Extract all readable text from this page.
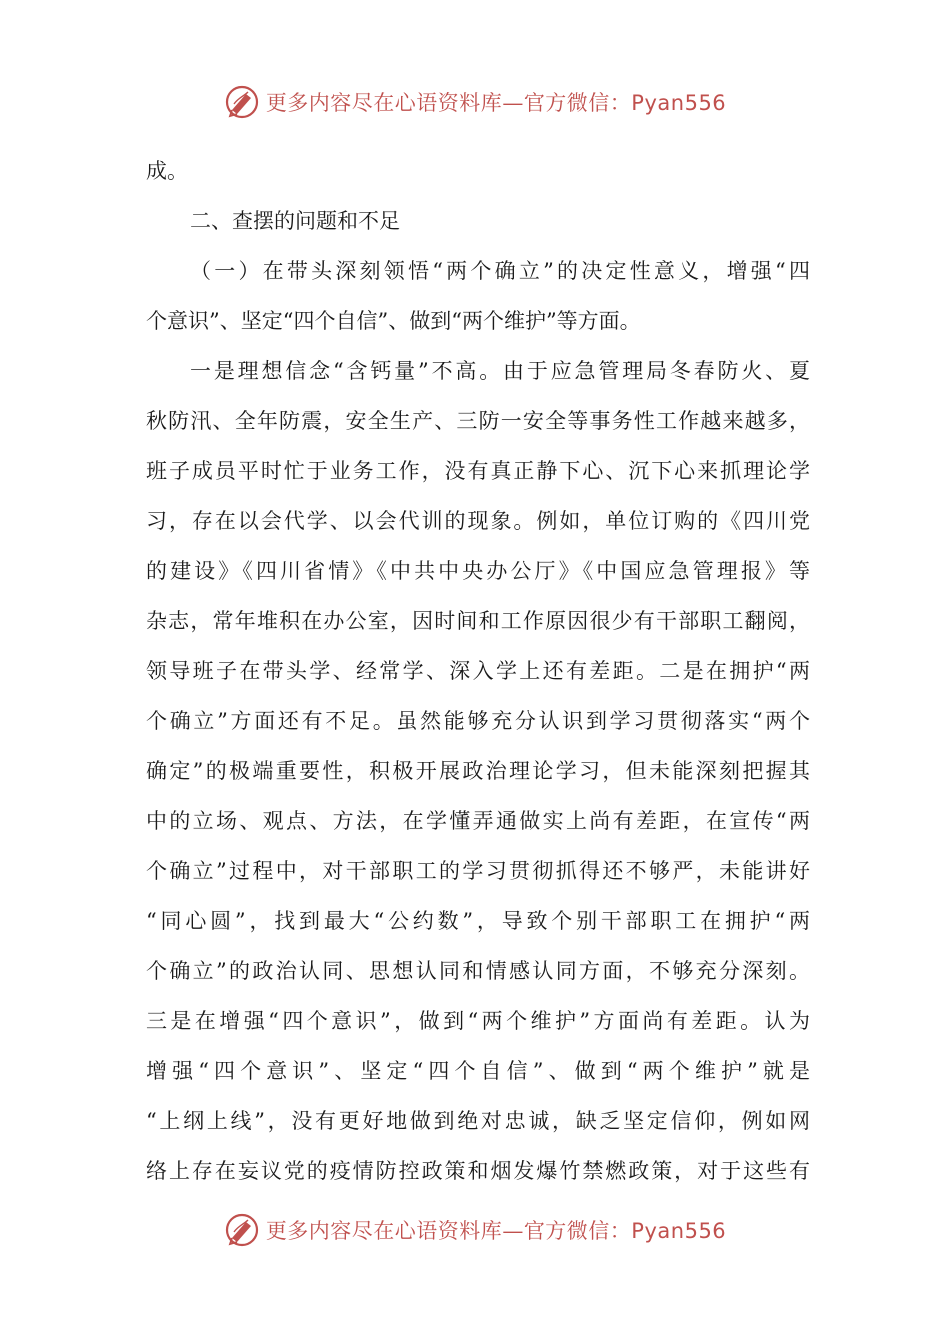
更多内容尽在心语资料库—官方微信：Pyan556
成。
二、查摆的问题和不足
（一）在带头深刻领悟“两个确立”的决定性意义，增强“四
个意识”、坚定“四个自信”、做到“两个维护”等方面。
一是理想信念“含钙量”不高。由于应急管理局冬春防火、夏
秋防汛、全年防震，安全生产、三防一安全等事务性工作越来越多，
班子成员平时忙于业务工作，没有真正静下心、沉下心来抓理论学
习，存在以会代学、以会代训的现象。例如，单位订购的《四川党
的建设》《四川省情》《中共中央办公厅》《中国应急管理报》等
杂志，常年堆积在办公室，因时间和工作原因很少有干部职工翻阅，
领导班子在带头学、经常学、深入学上还有差距。二是在拥护“两
个确立”方面还有不足。虽然能够充分认识到学习贯彻落实“两个
确定”的极端重要性，积极开展政治理论学习，但未能深刻把握其
中的立场、观点、方法，在学懂弄通做实上尚有差距，在宣传“两
个确立”过程中，对干部职工的学习贯彻抓得还不够严，未能讲好
“同心圆”，找到最大“公约数”，导致个别干部职工在拥护“两
个确立”的政治认同、思想认同和情感认同方面，不够充分深刻。
三是在增强“四个意识”，做到“两个维护”方面尚有差距。认为
增强“四个意识”、坚定“四个自信”、做到“两个维护”就是
“上纲上线”，没有更好地做到绝对忠诚，缺乏坚定信仰，例如网
络上存在妄议党的疫情防控政策和烟发爆竹禁燃政策，对于这些有
更多内容尽在心语资料库—官方微信：Pyan556
